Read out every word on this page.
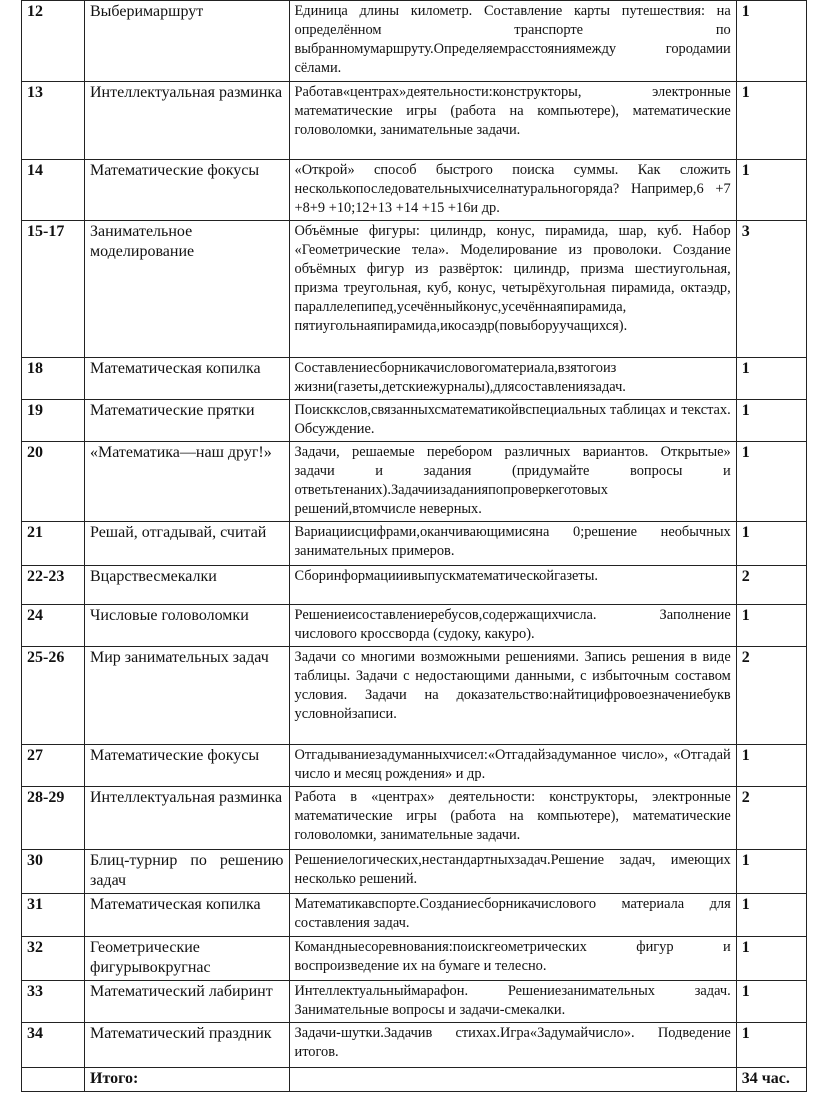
12	Выберимаршрут	Единица длины километр. Составление карты путешествия: на определённом транспорте по выбранномумаршруту.Определяемрасстояниямежду городамии сёлами.	1
13	Интеллектуальная разминка	Работав«центрах»деятельности:конструкторы, электронные математические игры (работа на компьютере), математические головоломки, занимательные задачи.	1
14	Математические фокусы	«Открой» способ быстрого поиска суммы. Как сложить несколькопоследовательныхчиселнатуральногоряда? Например,6 +7 +8+9 +10;12+13 +14 +15 +16и др.	1
15-17	Занимательное моделирование	Объёмные фигуры: цилиндр, конус, пирамида, шар, куб. Набор «Геометрические тела». Моделирование из проволоки. Создание объёмных фигур из развёрток: цилиндр, призма шестиугольная, призма треугольная, куб, конус, четырёхугольная пирамида, октаэдр, параллелепипед,усечённыйконус,усечённаяпирамида, пятиугольнаяпирамида,икосаэдр(повыборуучащихся).	3
18	Математическая копилка	Составлениесборникачисловогоматериала,взятогоиз жизни(газеты,детскиежурналы),длясоставлениязадач.	1
19	Математические прятки	Поисккслов,связанныхсматематикойвспециальных таблицах и текстах. Обсуждение.	1
20	«Математика—наш друг!»	Задачи, решаемые перебором различных вариантов. Открытые» задачи и задания (придумайте вопросы и ответьтенаних).Задачиизаданияпопроверкеготовых решений,втомчисле неверных.	1
21	Решай, отгадывай, считай	Вариациисцифрами,оканчивающимисяна 0;решение необычных занимательных примеров.	1
22-23	Вцарствесмекалки	Сборинформацииивыпускматематическойгазеты.	2
24	Числовые головоломки	Решениеисоставлениеребусов,содержащихчисла. Заполнение числового кроссворда (судоку, какуро).	1
25-26	Мир занимательных задач	Задачи со многими возможными решениями. Запись решения в виде таблицы. Задачи с недостающими данными, с избыточным составом условия. Задачи на доказательство:найтицифровоезначениебукв условнойзаписи.	2
27	Математические фокусы	Отгадываниезадуманныхчисел:«Отгадайзадуманное число», «Отгадай число и месяц рождения» и др.	1
28-29	Интеллектуальная разминка	Работа в «центрах» деятельности: конструкторы, электронные математические игры (работа на компьютере), математические головоломки, занимательные задачи.	2
30	Блиц-турнир по решению задач	Решениелогических,нестандартныхзадач.Решение задач, имеющих несколько решений.	1
31	Математическая копилка	Математикавспорте.Созданиесборникачислового материала для составления задач.	1
32	Геометрические фигурывокругнас	Командныесоревнования:поискгеометрических фигур и воспроизведение их на бумаге и телесно.	1
33	Математический лабиринт	Интеллектуальныймарафон. Решениезанимательных задач. Занимательные вопросы и задачи-смекалки.	1
34	Математический праздник	Задачи-шутки.Задачив стихах.Игра«Задумайчисло». Подведение итогов.	1
	Итого:		34 час.
